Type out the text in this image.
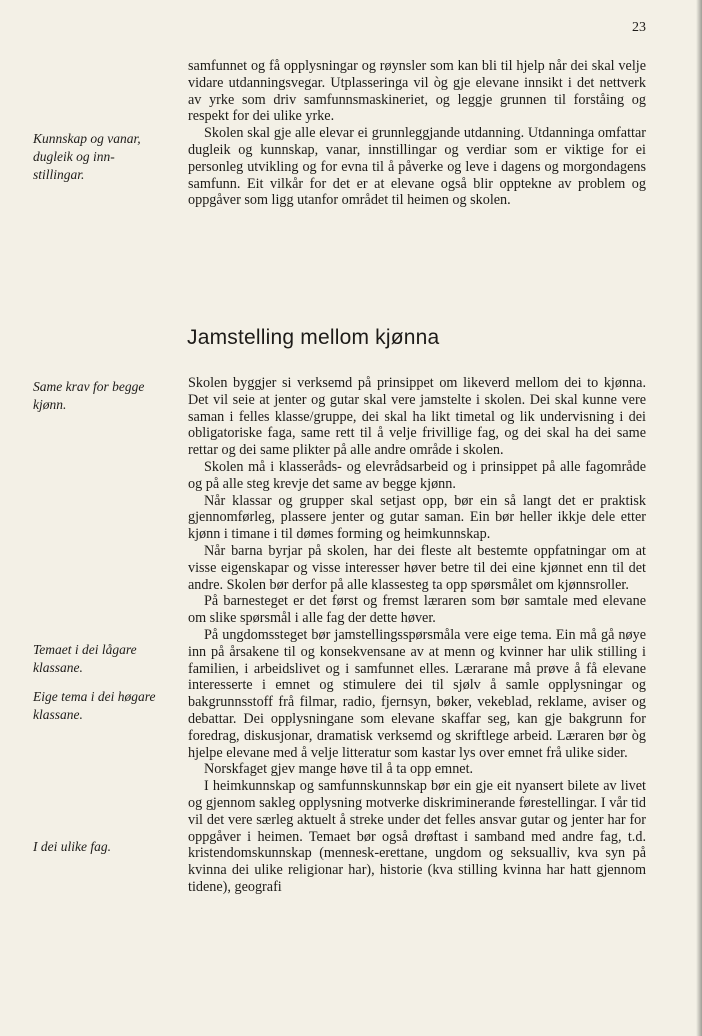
23
Kunnskap og vanar, dugleik og inn-stillingar.

samfunnet og få opplysningar og røynsler som kan bli til hjelp når dei skal velje vidare utdanningsvegar. Utplasseringa vil òg gje elevane innsikt i det nettverk av yrke som driv samfunnsmaskineriet, og leggje grunnen til forståing og respekt for dei ulike yrke.

Skolen skal gje alle elevar ei grunnleggjande utdanning. Utdanninga omfattar dugleik og kunnskap, vanar, innstillingar og verdiar som er viktige for ei personleg utvikling og for evna til å påverke og leve i dagens og morgondagens samfunn. Eit vilkår for det er at elevane også blir opptekne av problem og oppgåver som ligg utanfor området til heimen og skolen.

Jamstelling mellom kjønna
Same krav for begge kjønn.
Temaet i dei lågare klassane.
Eige tema i dei høgare klassane.
I dei ulike fag.

Skolen byggjer si verksemd på prinsippet om likeverd mellom dei to kjønna. Det vil seie at jenter og gutar skal vere jamstelte i skolen. Dei skal kunne vere saman i felles klasse/gruppe, dei skal ha likt timetal og lik undervisning i dei obligatoriske faga, same rett til å velje frivillige fag, og dei skal ha dei same rettar og dei same plikter på alle andre område i skolen.

Skolen må i klasseråds- og elevrådsarbeid og i prinsippet på alle fagområde og på alle steg krevje det same av begge kjønn.

Når klassar og grupper skal setjast opp, bør ein så langt det er praktisk gjennomførleg, plassere jenter og gutar saman. Ein bør heller ikkje dele etter kjønn i timane i til dømes forming og heimkunnskap.

Når barna byrjar på skolen, har dei fleste alt bestemte oppfatningar om at visse eigenskapar og visse interesser høver betre til dei eine kjønnet enn til det andre. Skolen bør derfor på alle klassesteg ta opp spørsmålet om kjønnsroller.

På barnesteget er det først og fremst læraren som bør samtale med elevane om slike spørsmål i alle fag der dette høver.

På ungdomssteget bør jamstellingsspørsmåla vere eige tema. Ein må gå nøye inn på årsakene til og konsekvensane av at menn og kvinner har ulik stilling i familien, i arbeidslivet og i samfunnet elles. Lærarane må prøve å få elevane interesserte i emnet og stimulere dei til sjølv å samle opplysningar og bakgrunnsstoff frå filmar, radio, fjernsyn, bøker, vekeblad, reklame, aviser og debattar. Dei opplysningane som elevane skaffar seg, kan gje bakgrunn for foredrag, diskusjonar, dramatisk verksemd og skriftlege arbeid. Læraren bør òg hjelpe elevane med å velje litteratur som kastar lys over emnet frå ulike sider.

Norskfaget gjev mange høve til å ta opp emnet.

I heimkunnskap og samfunnskunnskap bør ein gje eit nyansert bilete av livet og gjennom sakleg opplysning motverke diskriminerande førestellingar. I vår tid vil det vere særleg aktuelt å streke under det felles ansvar gutar og jenter har for oppgåver i heimen. Temaet bør også drøftast i samband med andre fag, t.d. kristendomskunnskap (mennesk-erettane, ungdom og seksualliv, kva syn på kvinna dei ulike religionar har), historie (kva stilling kvinna har hatt gjennom tidene), geografi
